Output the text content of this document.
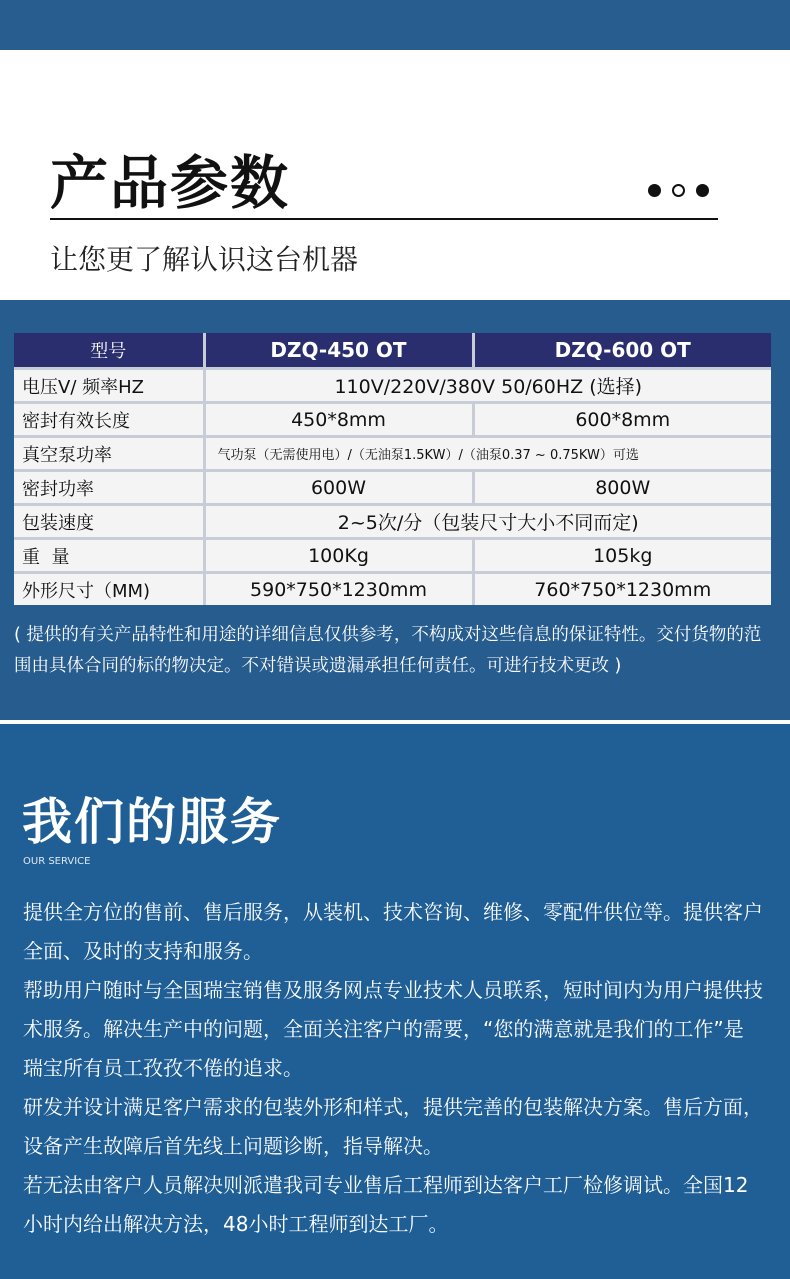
产品参数
让您更了解认识这台机器
型号	DZQ-450 OT	DZQ-600 OT
电压V/ 频率HZ	110V/220V/380V 50/60HZ (选择)	
密封有效长度	450*8mm	600*8mm
真空泵功率	气功泵（无需使用电）/（无油泵1.5KW）/（油泵0.37 ~ 0.75KW）可选	
密封功率	600W	800W
包装速度	2~5次/分（包装尺寸大小不同而定)	
重  量	100Kg	105kg
外形尺寸（MM)	590*750*1230mm	760*750*1230mm
( 提供的有关产品特性和用途的详细信息仅供参考，不构成对这些信息的保证特性。交付货物的范围由具体合同的标的物决定。不对错误或遗漏承担任何责任。可进行技术更改 )
我们的服务
OUR SERVICE

提供全方位的售前、售后服务，从装机、技术咨询、维修、零配件供位等。提供客户全面、及时的支持和服务。

帮助用户随时与全国瑞宝销售及服务网点专业技术人员联系，短时间内为用户提供技术服务。解决生产中的问题，全面关注客户的需要，“您的满意就是我们的工作”是瑞宝所有员工孜孜不倦的追求。

研发并设计满足客户需求的包装外形和样式，提供完善的包装解决方案。售后方面，设备产生故障后首先线上问题诊断，指导解决。

若无法由客户人员解决则派遣我司专业售后工程师到达客户工厂检修调试。全国12小时内给出解决方法，48小时工程师到达工厂。
